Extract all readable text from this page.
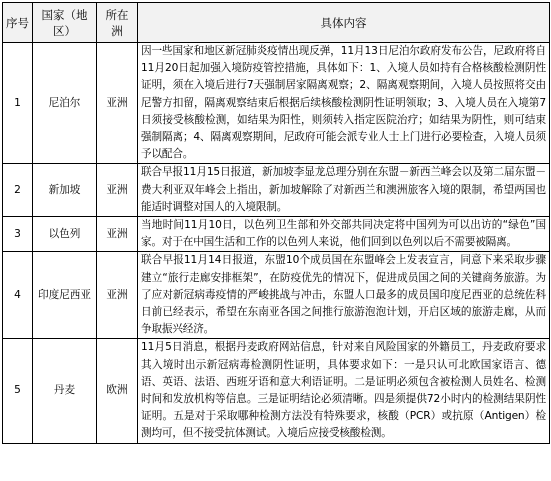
序号	国家（地区）	所在洲	具体内容
1	尼泊尔	亚洲	因一些国家和地区新冠肺炎疫情出现反弹，11月13日尼泊尔政府发布公告，尼政府将自11月20日起加强入境防疫管控措施，具体如下：1、入境人员如持有合格核酸检测阴性证明，须在入境后进行7天强制居家隔离观察；2、隔离观察期间，入境人员按照将交由尼警方扣留，隔离观察结束后根据后续核酸检测阴性证明领取；3、入境人员在入境第7日须接受核酸检测，如结果为阳性，则须转入指定医院治疗；如结果为阴性，则可结束强制隔离；4、隔离观察期间，尼政府可能会派专业人士上门进行必要检查，入境人员须予以配合。
2	新加坡	亚洲	联合早报11月15日报道，新加坡李显龙总理分别在东盟－新西兰峰会以及第二届东盟－费大利亚双年峰会上指出，新加坡解除了对新西兰和澳洲旅客入境的限制，希望两国也能适时调整对国人的入境限制。
3	以色列	亚洲	当地时间11月10日，以色列卫生部和外交部共同决定将中国列为可以出访的“绿色”国家。对于在中国生活和工作的以色列人来说，他们回到以色列以后不需要被隔离。
4	印度尼西亚	亚洲	联合早报11月14日报道，东盟10个成员国在东盟峰会上发表宣言，同意下来采取步骤建立“旅行走廊安排框架”，在防疫优先的情况下，促进成员国之间的关键商务旅游。为了应对新冠病毒疫情的严峻挑战与冲击，东盟人口最多的成员国印度尼西亚的总统佐科日前已经表示，希望在东南亚各国之间推行旅游泡泡计划，开启区域的旅游走廊，从而争取振兴经济。
5	丹麦	欧洲	11月5日消息，根据丹麦政府网站信息，针对来自风险国家的外籍员工，丹麦政府要求其入境时出示新冠病毒检测阴性证明，具体要求如下：一是只认可北欧国家语言、德语、英语、法语、西班牙语和意大利语证明。二是证明必须包含被检测人员姓名、检测时间和发放机构等信息。三是证明结论必须清晰。四是须提供72小时内的检测结果阴性证明。五是对于采取哪种检测方法没有特殊要求，核酸（PCR）或抗原（Antigen）检测均可，但不接受抗体测试。入境后应接受核酸检测。
